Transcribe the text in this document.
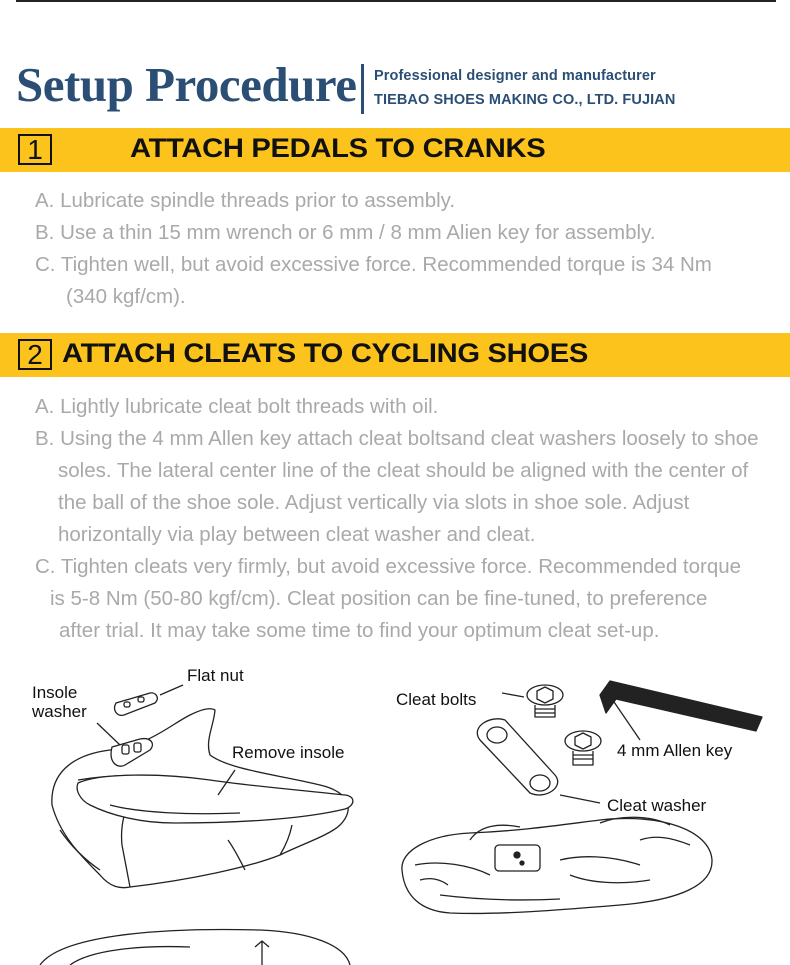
Setup Procedure Professional designer and manufacturer
TIEBAO SHOES MAKING CO., LTD. FUJIAN
1	ATTACH PEDALS TO CRANKS
A. Lubricate spindle threads prior to assembly.
B. Use a thin 15 mm wrench or 6 mm / 8 mm Alien key for assembly.
C. Tighten well, but avoid excessive force. Recommended torque is 34 Nm
(340 kgf/cm).
2 ATTACH CLEATS TO CYCLING SHOES
A. Lightly lubricate cleat bolt threads with oil.
B. Using the 4 mm Allen key attach cleat boltsand cleat washers loosely to shoe
soles. The lateral center line of the cleat should be aligned with the center of
the ball of the shoe sole. Adjust vertically via slots in shoe sole. Adjust
horizontally via play between cleat washer and cleat.
C. Tighten cleats very firmly, but avoid excessive force. Recommended torque
is 5-8 Nm (50-80 kgf/cm). Cleat position can be fine-tuned, to preference
after trial. It may take some time to find your optimum cleat set-up.
Flat nut
Insole
washer
Remove insole
Cleat bolts
4 mm Allen key
Cleat washer
